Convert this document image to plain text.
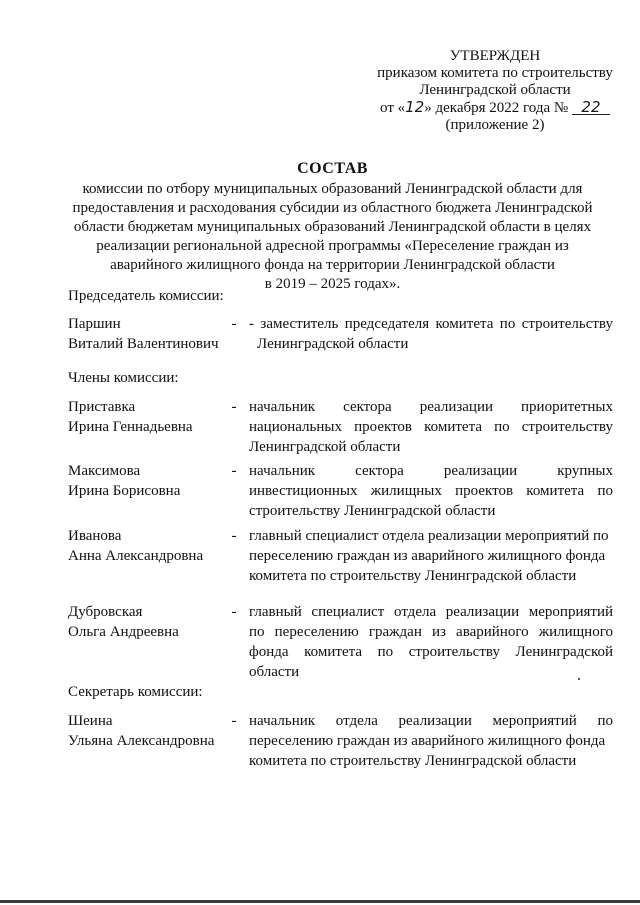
УТВЕРЖДЕН
приказом комитета по строительству
Ленинградской области
от «12» декабря 2022 года № 22
(приложение 2)
СОСТАВ
комиссии по отбору муниципальных образований Ленинградской области для
предоставления и расходования субсидии из областного бюджета Ленинградской
области бюджетам муниципальных образований Ленинградской области в целях
реализации региональной адресной программы «Переселение граждан из
аварийного жилищного фонда на территории Ленинградской области
в 2019 – 2025 годах».
Председатель комиссии:
Паршин
Виталий Валентинович
- - заместитель председателя комитета по строительству
Ленинградской области
Члены комиссии:
Приставка
Ирина Геннадьевна
- начальник сектора реализации приоритетных
национальных проектов комитета по строительству
Ленинградской области
Максимова
Ирина Борисовна
- начальник сектора реализации крупных
инвестиционных жилищных проектов комитета по
строительству Ленинградской области
Иванова
Анна Александровна
- главный специалист отдела реализации мероприятий по
переселению граждан из аварийного жилищного фонда
комитета по строительству Ленинградской области
Дубровская
Ольга Андреевна
- главный специалист отдела реализации мероприятий
по переселению граждан из аварийного жилищного
фонда комитета по строительству Ленинградской
области
Секретарь комиссии:
Шеина
Ульяна Александровна
- начальник отдела реализации мероприятий по
переселению граждан из аварийного жилищного фонда
комитета по строительству Ленинградской области
